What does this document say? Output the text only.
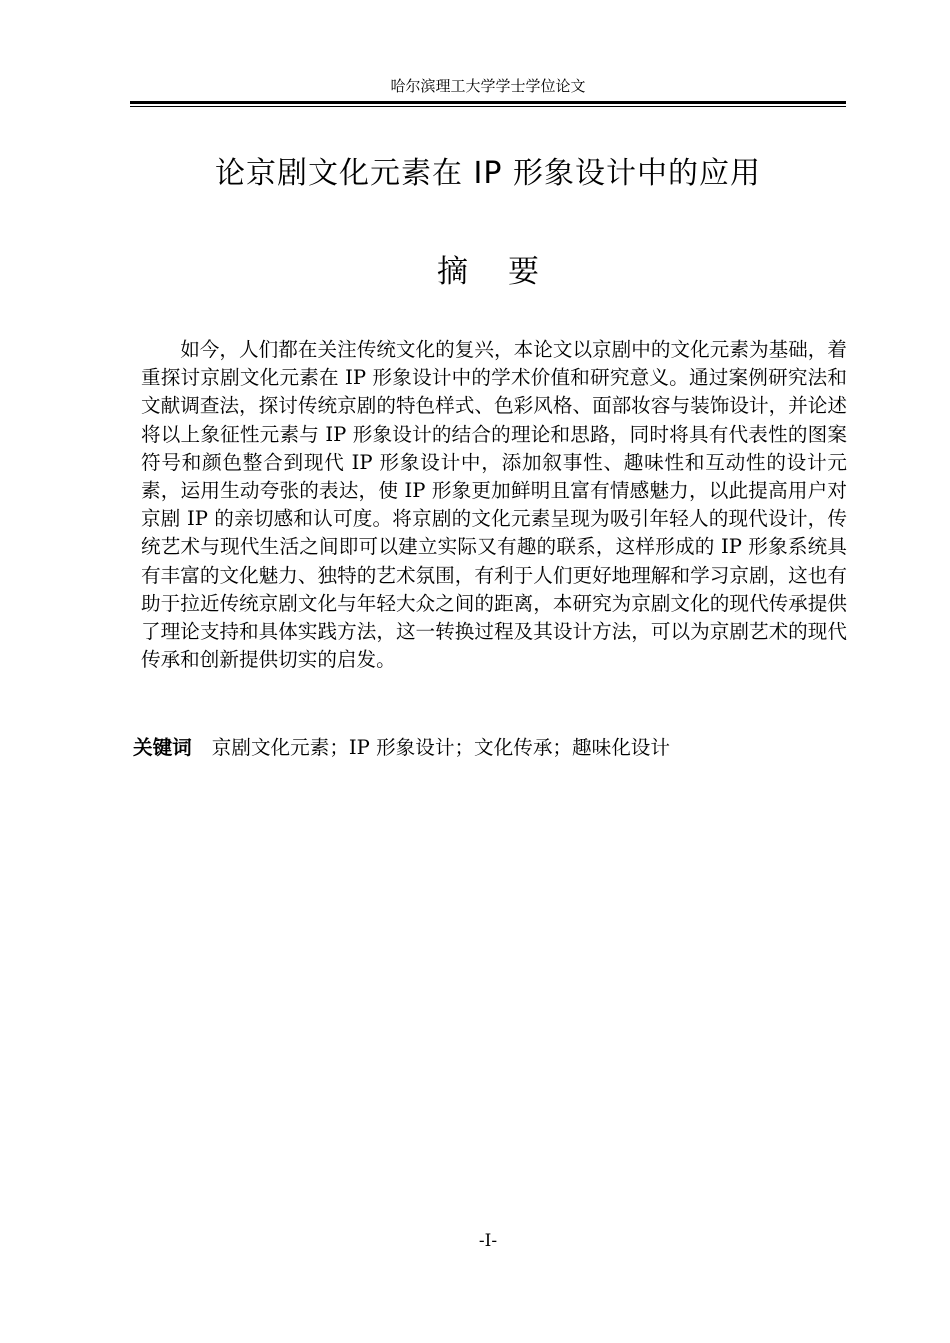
哈尔滨理工大学学士学位论文
论京剧文化元素在 IP 形象设计中的应用
摘要

如今，人们都在关注传统文化的复兴，本论文以京剧中的文化元素为基础，着重探讨京剧文化元素在 IP 形象设计中的学术价值和研究意义。通过案例研究法和文献调查法，探讨传统京剧的特色样式、色彩风格、面部妆容与装饰设计，并论述将以上象征性元素与 IP 形象设计的结合的理论和思路，同时将具有代表性的图案符号和颜色整合到现代 IP 形象设计中，添加叙事性、趣味性和互动性的设计元素，运用生动夸张的表达，使 IP 形象更加鲜明且富有情感魅力，以此提高用户对京剧 IP 的亲切感和认可度。将京剧的文化元素呈现为吸引年轻人的现代设计，传统艺术与现代生活之间即可以建立实际又有趣的联系，这样形成的 IP 形象系统具有丰富的文化魅力、独特的艺术氛围，有利于人们更好地理解和学习京剧，这也有助于拉近传统京剧文化与年轻大众之间的距离，本研究为京剧文化的现代传承提供了理论支持和具体实践方法，这一转换过程及其设计方法，可以为京剧艺术的现代传承和创新提供切实的启发。

关键词 京剧文化元素；IP 形象设计；文化传承；趣味化设计
-I-
